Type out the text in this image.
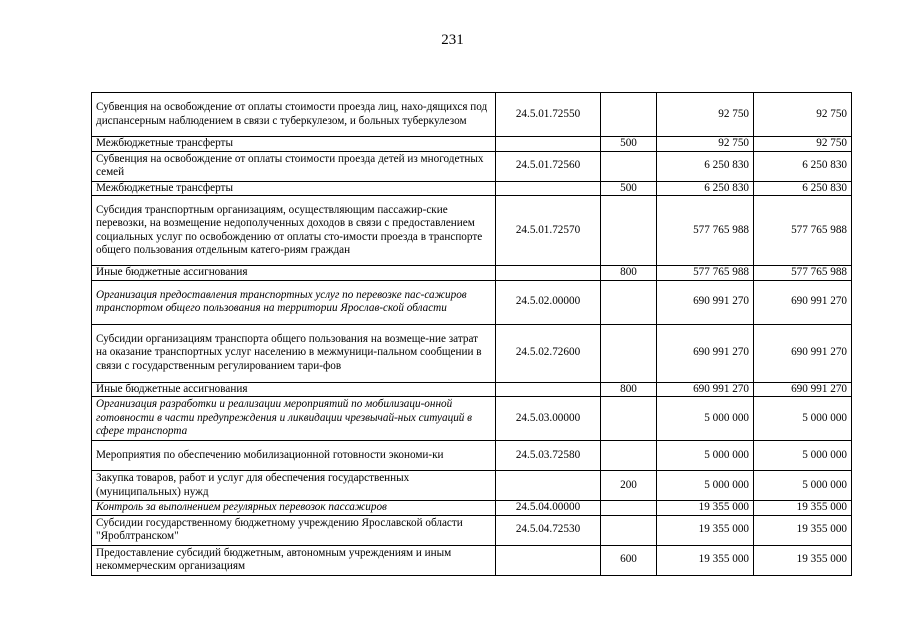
231
Субвенция на освобождение от оплаты стоимости проезда лиц, нахо-дящихся под диспансерным наблюдением в связи с туберкулезом, и больных туберкулезом	24.5.01.72550		92 750	92 750
Межбюджетные трансферты		500	92 750	92 750
Субвенция на освобождение от оплаты стоимости проезда детей из многодетных семей	24.5.01.72560		6 250 830	6 250 830
Межбюджетные трансферты		500	6 250 830	6 250 830
Субсидия транспортным организациям, осуществляющим пассажир-ские перевозки, на возмещение недополученных доходов в связи с предоставлением социальных услуг по освобождению от оплаты сто-имости проезда в транспорте общего пользования отдельным катего-риям граждан	24.5.01.72570		577 765 988	577 765 988
Иные бюджетные ассигнования		800	577 765 988	577 765 988
Организация предоставления транспортных услуг по перевозке пас-сажиров транспортом общего пользования на территории Ярослав-ской области	24.5.02.00000		690 991 270	690 991 270
Субсидии организациям транспорта общего пользования на возмеще-ние затрат на оказание транспортных услуг населению в межмуници-пальном сообщении в связи с государственным регулированием тари-фов	24.5.02.72600		690 991 270	690 991 270
Иные бюджетные ассигнования		800	690 991 270	690 991 270
Организация разработки и реализации мероприятий по мобилизаци-онной готовности в части предупреждения и ликвидации чрезвычай-ных ситуаций в сфере транспорта	24.5.03.00000		5 000 000	5 000 000
Мероприятия по обеспечению мобилизационной готовности экономи-ки	24.5.03.72580		5 000 000	5 000 000
Закупка товаров, работ и услуг для обеспечения государственных (муниципальных) нужд		200	5 000 000	5 000 000
Контроль за выполнением регулярных перевозок пассажиров	24.5.04.00000		19 355 000	19 355 000
Субсидии государственному бюджетному учреждению Ярославской области "Яроблтранском"	24.5.04.72530		19 355 000	19 355 000
Предоставление субсидий бюджетным, автономным учреждениям и иным некоммерческим организациям		600	19 355 000	19 355 000
